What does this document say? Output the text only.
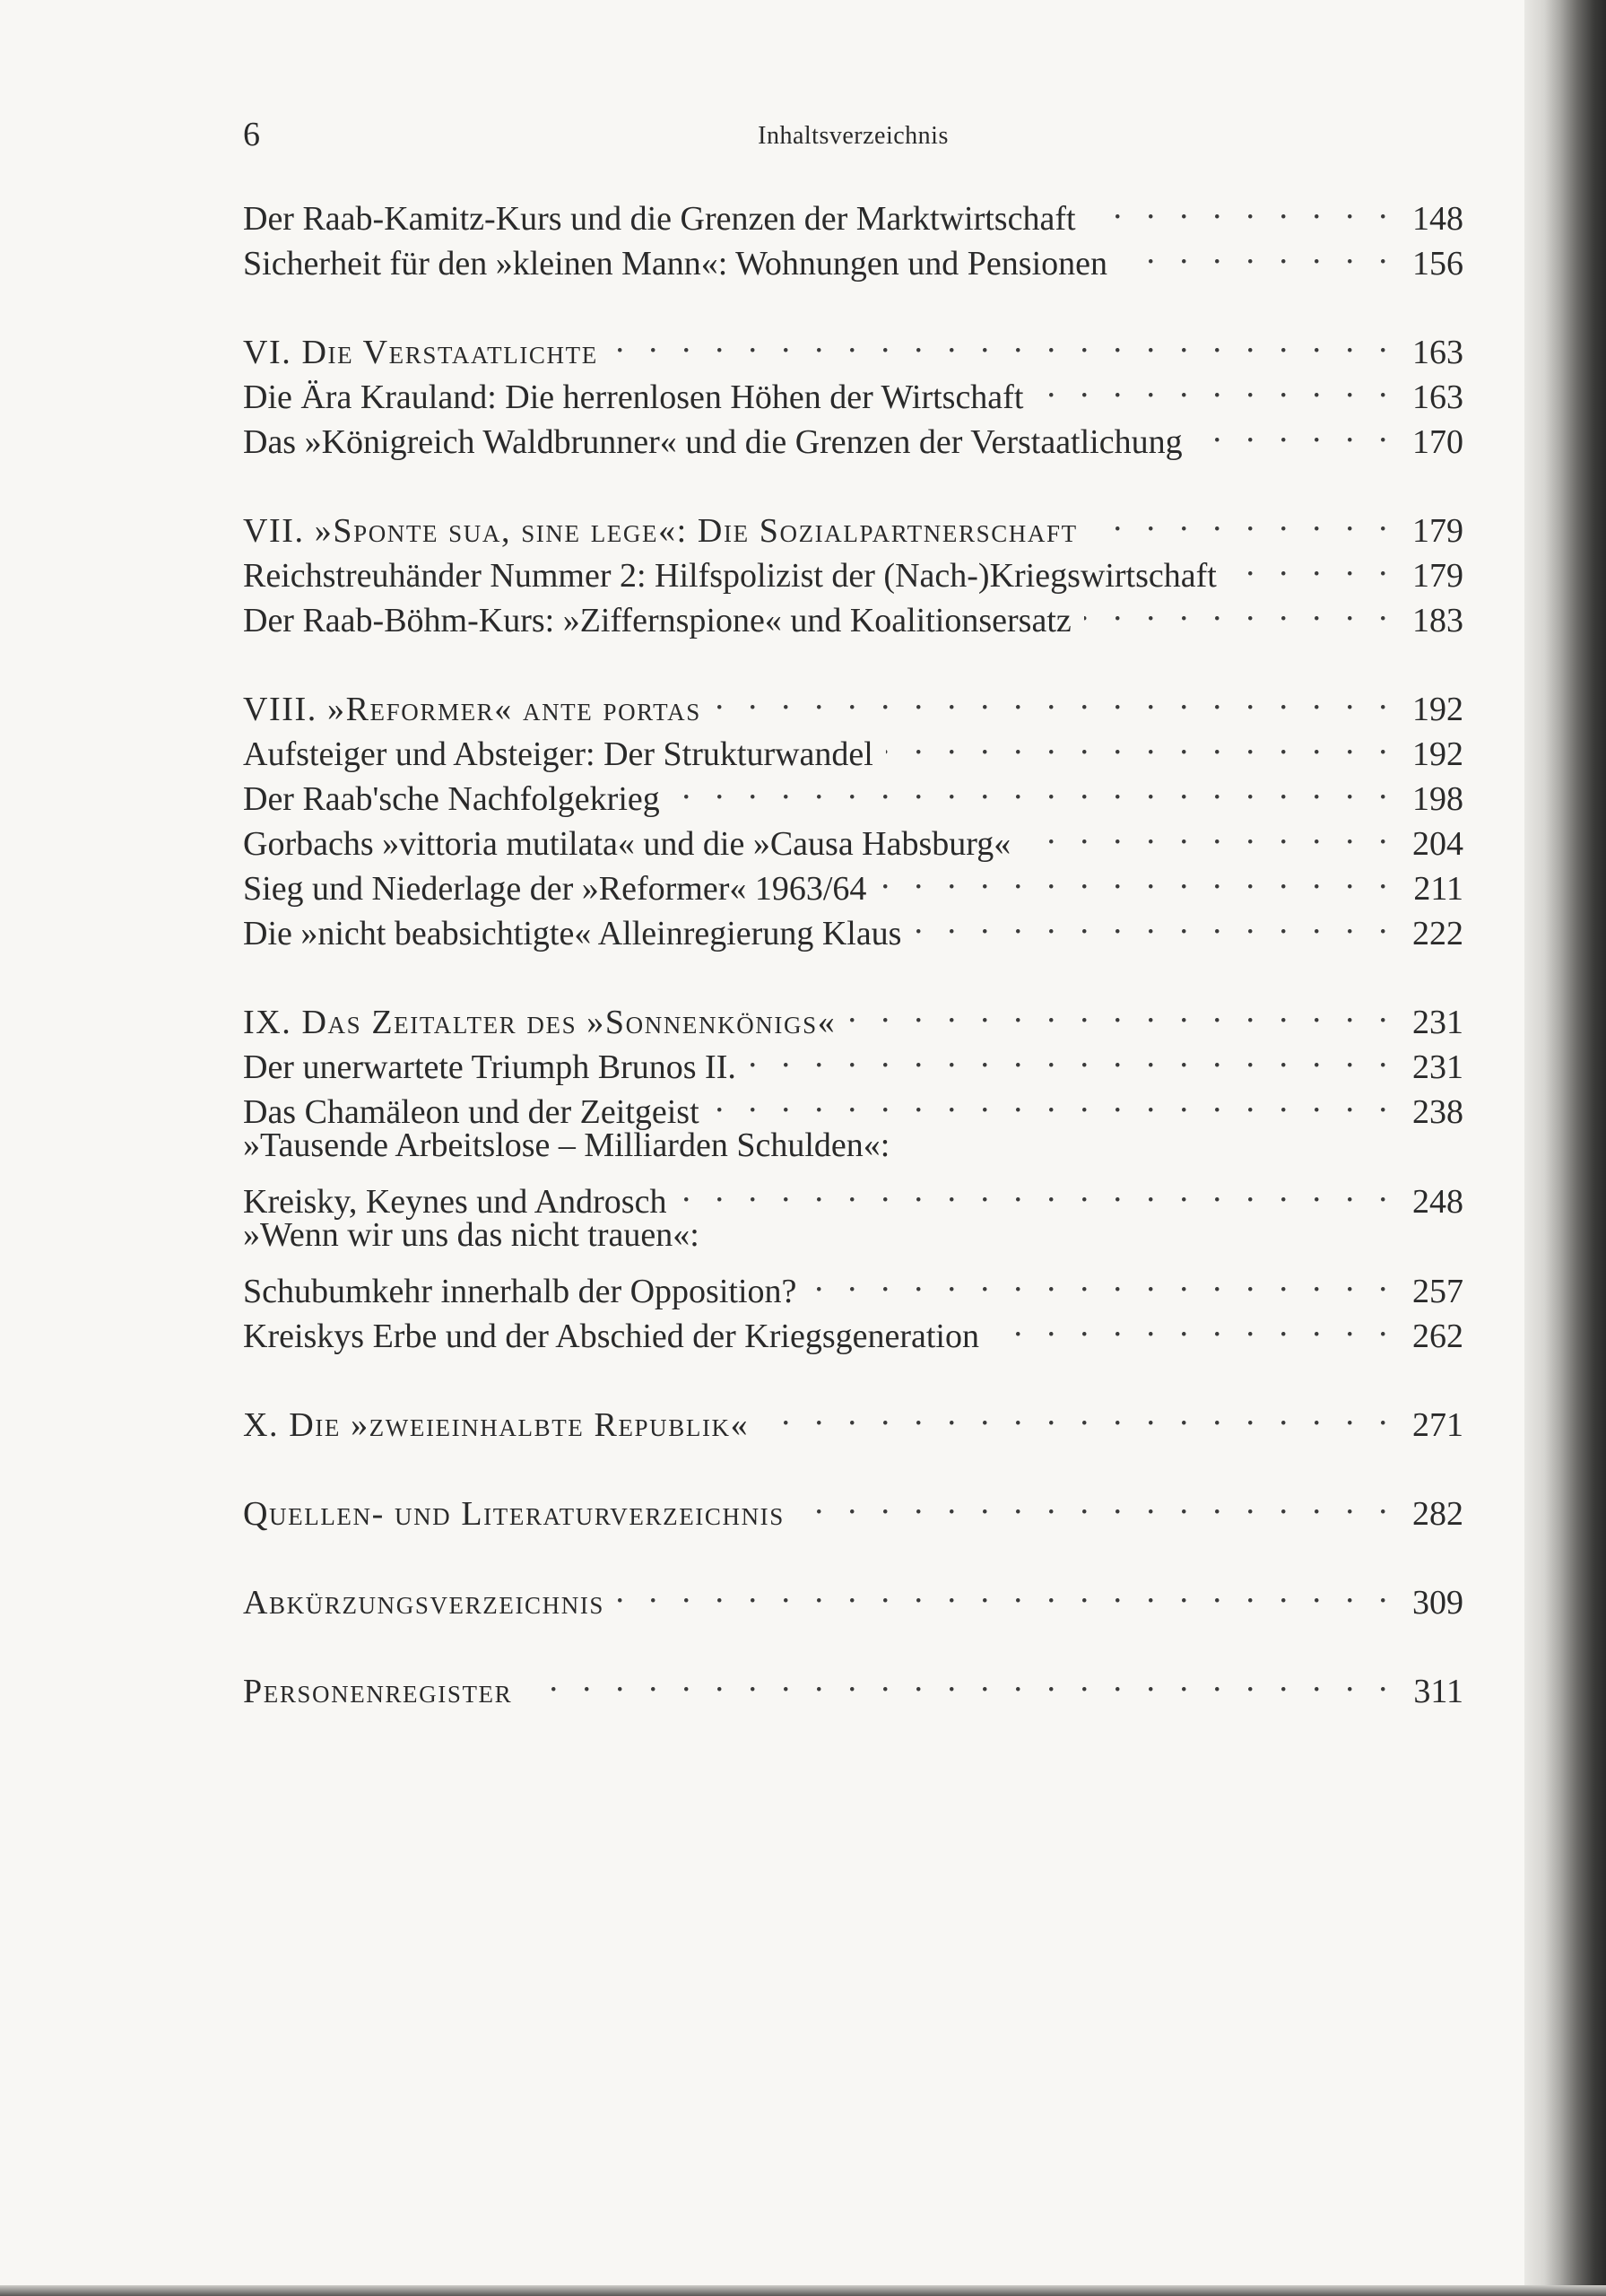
6	Inhaltsverzeichnis
Der Raab-Kamitz-Kurs und die Grenzen der Marktwirtschaft . . .	148
Sicherheit für den »kleinen Mann«: Wohnungen und Pensionen . . .	156
VI. Die Verstaatlichte . . .	163
Die Ära Krauland: Die herrenlosen Höhen der Wirtschaft . . .	163
Das »Königreich Waldbrunner« und die Grenzen der Verstaatlichung . . .	170
VII. »Sponte sua, sine lege«: Die Sozialpartnerschaft . . .	179
Reichstreuhänder Nummer 2: Hilfspolizist der (Nach-)Kriegswirtschaft . . .	179
Der Raab-Böhm-Kurs: »Ziffernspione« und Koalitionsersatz . . .	183
VIII. »Reformer« ante portas . . .	192
Aufsteiger und Absteiger: Der Strukturwandel . . .	192
Der Raab'sche Nachfolgekrieg . . .	198
Gorbachs »vittoria mutilata« und die »Causa Habsburg« . . .	204
Sieg und Niederlage der »Reformer« 1963/64 . . .	211
Die »nicht beabsichtigte« Alleinregierung Klaus . . .	222
IX. Das Zeitalter des »Sonnenkönigs« . . .	231
Der unerwartete Triumph Brunos II. . . .	231
Das Chamäleon und der Zeitgeist . . .	238
»Tausende Arbeitslose – Milliarden Schulden«:
Kreisky, Keynes und Androsch . . .	248
»Wenn wir uns das nicht trauen«:
Schubumkehr innerhalb der Opposition? . . .	257
Kreiskys Erbe und der Abschied der Kriegsgeneration . . .	262
X. Die »zweieinhalbte Republik« . . .	271
Quellen- und Literaturverzeichnis . . .	282
Abkürzungsverzeichnis . . .	309
Personenregister . . .	311
